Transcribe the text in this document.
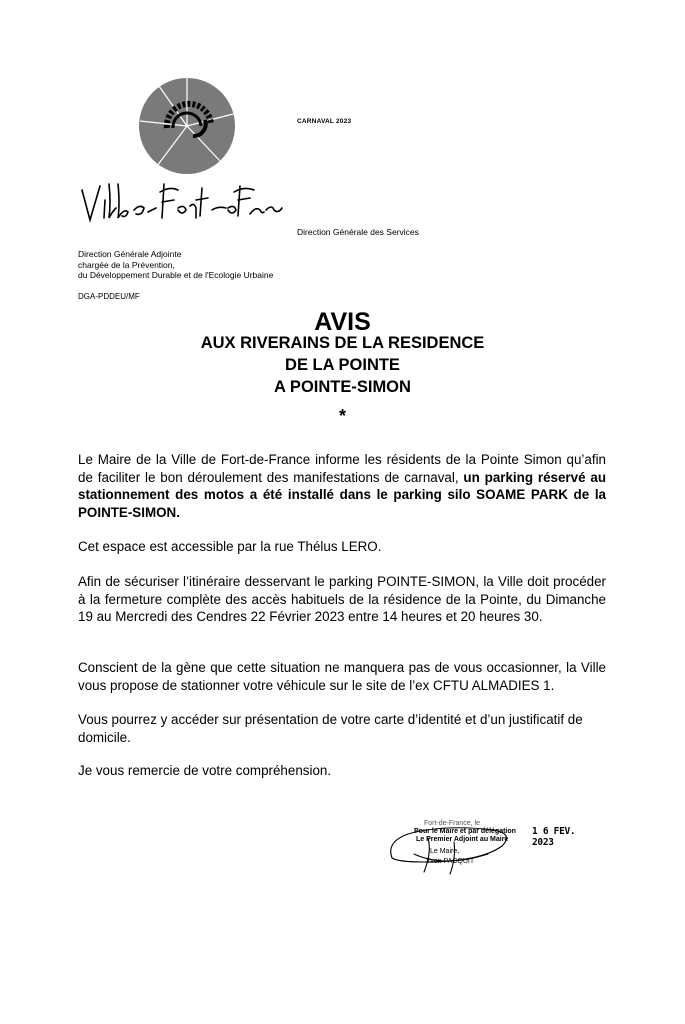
CARNAVAL 2023
Direction Générale des Services
Direction Générale Adjointe
chargée de la Prévention,
du Développement Durable et de l'Ecologie Urbaine
DGA-PDDEU/MF
AVIS
AUX RIVERAINS DE LA RESIDENCE
DE LA POINTE
A POINTE-SIMON
*
Le Maire de la Ville de Fort-de-France informe les résidents de la Pointe Simon qu’afin de faciliter le bon déroulement des manifestations de carnaval, un parking réservé au stationnement des motos a été installé dans le parking silo SOAME PARK de la POINTE-SIMON.
Cet espace est accessible par la rue Thélus LERO.
Afin de sécuriser l’itinéraire desservant le parking POINTE-SIMON, la Ville doit procéder à la fermeture complète des accès habituels de la résidence de la Pointe, du Dimanche 19 au Mercredi des Cendres 22 Février 2023 entre 14 heures et 20 heures 30.
Conscient de la gène que cette situation ne manquera pas de vous occasionner, la Ville vous propose de stationner votre véhicule sur le site de l’ex CFTU ALMADIES 1.
Vous pourrez y accéder sur présentation de votre carte d’identité et d’un justificatif de domicile.
Je vous remercie de votre compréhension.
Fort-de-France, le
Pour le Maire et par délégation
Le Premier Adjoint au Maire
Le Maire,
Yvon PACQUIT
1 6 FEV. 2023
